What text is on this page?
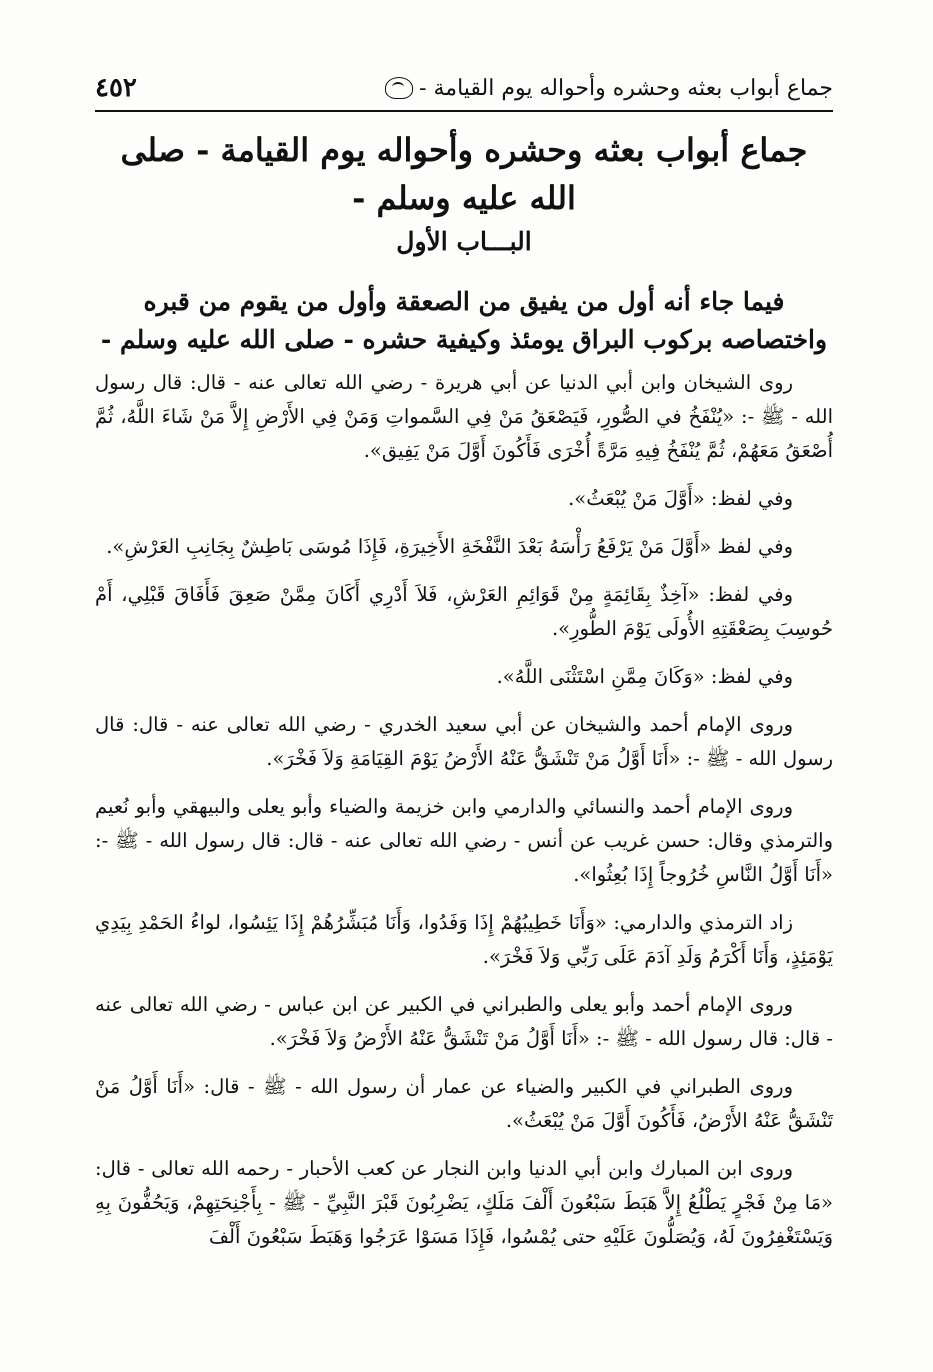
جماع أبواب بعثه وحشره وأحواله يوم القيامة -
٤٥٢
جماع أبواب بعثه وحشره وأحواله يوم القيامة - صلى الله عليه وسلم -
البـــاب الأول
فيما جاء أنه أول من يفيق من الصعقة وأول من يقوم من قبره واختصاصه بركوب البراق يومئذ وكيفية حشره - صلى الله عليه وسلم -

روى الشيخان وابن أبي الدنيا عن أبي هريرة - رضي الله تعالى عنه - قال: قال رسول الله - ﷺ -: «يُنْفَخُ في الصُّورِ، فَيَصْعَقُ مَنْ فِي السَّمواتِ وَمَنْ فِي الأَرْضِ إِلاَّ مَنْ شَاءَ اللَّهُ، ثُمَّ أُصْعَقُ مَعَهُمْ، ثُمَّ يُنْفَخُ فِيهِ مَرَّةً أُخْرَى فَأَكُونَ أَوَّلَ مَنْ يَفِيق».

وفي لفظ: «أَوَّلَ مَنْ يُبْعَثُ».

وفي لفظ «أَوَّلَ مَنْ يَرْفَعُ رَأْسَهُ بَعْدَ النَّفْخَةِ الأَخِيرَةِ، فَإِذَا مُوسَى بَاطِشٌ بِجَانِبِ العَرْشِ».

وفي لفظ: «آخِذٌ بِقَائِمَةٍ مِنْ قَوَائِمِ العَرْشِ، فَلاَ أَدْرِي أَكَانَ مِمَّنْ صَعِقَ فَأَفَاقَ قَبْلِي، أَمْ حُوسِبَ بِصَعْقَتِهِ الأُولَى يَوْمَ الطُّورِ».

وفي لفظ: «وَكَانَ مِمَّنِ اسْتَثْنَى اللَّهُ».

وروى الإمام أحمد والشيخان عن أبي سعيد الخدري - رضي الله تعالى عنه - قال: قال رسول الله - ﷺ -: «أَنَا أَوَّلُ مَنْ تَنْشَقُّ عَنْهُ الأَرْضُ يَوْمَ القِيَامَةِ وَلاَ فَخْرَ».

وروى الإمام أحمد والنسائي والدارمي وابن خزيمة والضياء وأبو يعلى والبيهقي وأبو نُعيم والترمذي وقال: حسن غريب عن أنس - رضي الله تعالى عنه - قال: قال رسول الله - ﷺ -: «أَنَا أَوَّلُ النَّاسِ خُرُوجاً إِذَا بُعِثُوا».

زاد الترمذي والدارمي: «وَأَنَا خَطِيبُهُمْ إِذَا وَفَدُوا، وَأَنَا مُبَشِّرُهُمْ إِذَا يَئِسُوا، لواءُ الحَمْدِ بِيَدِي يَوْمَئِذٍ، وَأَنَا أَكْرَمُ وَلَدِ آدَمَ عَلَى رَبِّي وَلاَ فَخْرَ».

وروى الإمام أحمد وأبو يعلى والطبراني في الكبير عن ابن عباس - رضي الله تعالى عنه - قال: قال رسول الله - ﷺ -: «أَنَا أَوَّلُ مَنْ تَنْشَقُّ عَنْهُ الأَرْضُ وَلاَ فَخْرَ».

وروى الطبراني في الكبير والضياء عن عمار أن رسول الله - ﷺ - قال: «أَنَا أَوَّلُ مَنْ تَنْشَقُّ عَنْهُ الأَرْضُ، فَأَكُونَ أَوَّلَ مَنْ يُبْعَثُ».

وروى ابن المبارك وابن أبي الدنيا وابن النجار عن كعب الأحبار - رحمه الله تعالى - قال: «مَا مِنْ فَجْرٍ يَطْلُعُ إِلاَّ هَبَطَ سَبْعُونَ أَلْفَ مَلَكٍ، يَضْرِبُونَ قَبْرَ النَّبِيِّ - ﷺ - بِأَجْنِحَتِهِمْ، وَيَحُفُّونَ بِهِ وَيَسْتَغْفِرُونَ لَهُ، وَيُصَلُّونَ عَلَيْهِ حتى يُمْسُوا، فَإِذَا مَسَوْا عَرَجُوا وَهَبَطَ سَبْعُونَ أَلْفَ
